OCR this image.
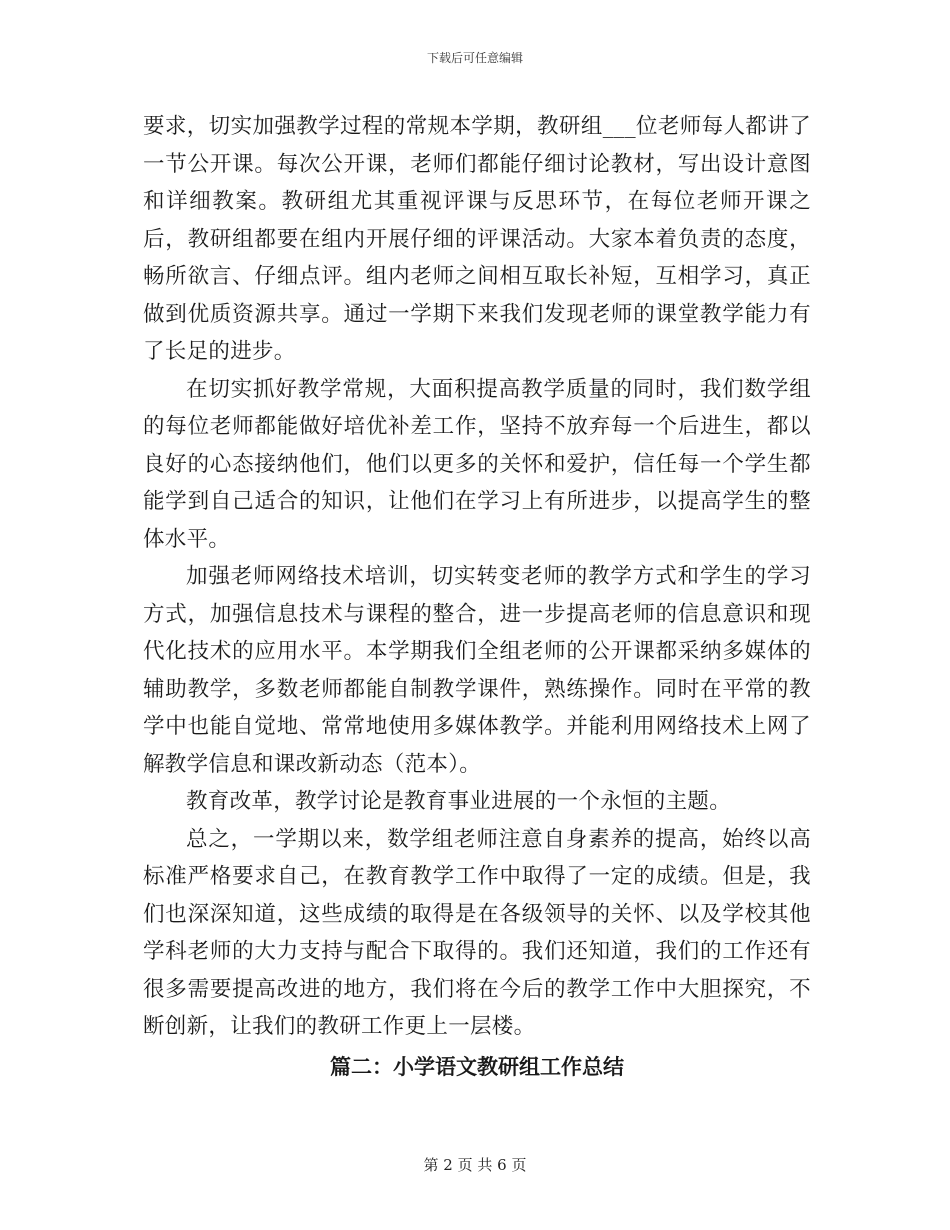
下载后可任意编辑

要求，切实加强教学过程的常规本学期，教研组___位老师每人都讲了一节公开课。每次公开课，老师们都能仔细讨论教材，写出设计意图和详细教案。教研组尤其重视评课与反思环节，在每位老师开课之后，教研组都要在组内开展仔细的评课活动。大家本着负责的态度，畅所欲言、仔细点评。组内老师之间相互取长补短，互相学习，真正做到优质资源共享。通过一学期下来我们发现老师的课堂教学能力有了长足的进步。

在切实抓好教学常规，大面积提高教学质量的同时，我们数学组的每位老师都能做好培优补差工作，坚持不放弃每一个后进生，都以良好的心态接纳他们，他们以更多的关怀和爱护，信任每一个学生都能学到自己适合的知识，让他们在学习上有所进步，以提高学生的整体水平。

加强老师网络技术培训，切实转变老师的教学方式和学生的学习方式，加强信息技术与课程的整合，进一步提高老师的信息意识和现代化技术的应用水平。本学期我们全组老师的公开课都采纳多媒体的辅助教学，多数老师都能自制教学课件，熟练操作。同时在平常的教学中也能自觉地、常常地使用多媒体教学。并能利用网络技术上网了解教学信息和课改新动态（范本）。

教育改革，教学讨论是教育事业进展的一个永恒的主题。

总之，一学期以来，数学组老师注意自身素养的提高，始终以高标准严格要求自己，在教育教学工作中取得了一定的成绩。但是，我们也深深知道，这些成绩的取得是在各级领导的关怀、以及学校其他学科老师的大力支持与配合下取得的。我们还知道，我们的工作还有很多需要提高改进的地方，我们将在今后的教学工作中大胆探究，不断创新，让我们的教研工作更上一层楼。

篇二：小学语文教研组工作总结
第 2 页 共 6 页
